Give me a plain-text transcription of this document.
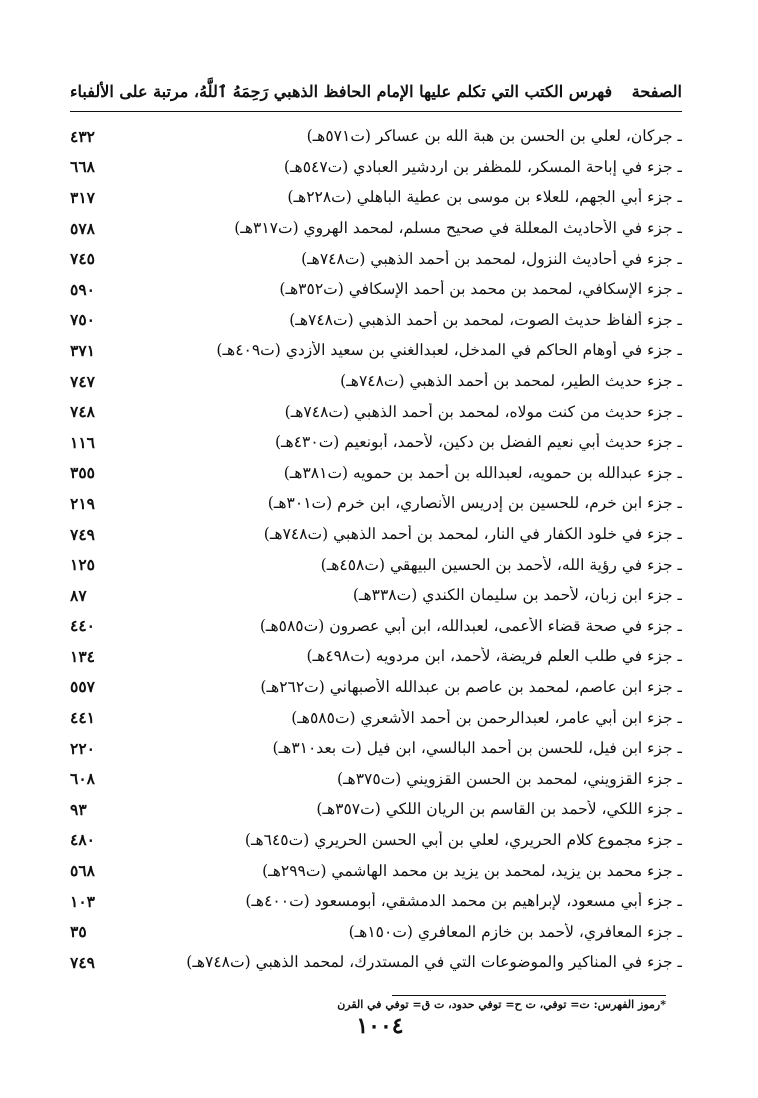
فهرس الكتب التي تكلم عليها الإمام الحافظ الذهبي رَحِمَهُ ٱللَّهُ، مرتبة على الألفباء الصفحة
ـ جركان، لعلي بن الحسن بن هبة الله بن عساكر (ت٥٧١هـ)
٤٣٢
ـ جزء في إباحة المسكر، للمظفر بن اردشير العبادي (ت٥٤٧هـ)
٦٦٨
ـ جزء أبي الجهم، للعلاء بن موسى بن عطية الباهلي (ت٢٢٨هـ)
٣١٧
ـ جزء في الأحاديث المعللة في صحيح مسلم، لمحمد الهروي (ت٣١٧هـ)
٥٧٨
ـ جزء في أحاديث النزول، لمحمد بن أحمد الذهبي (ت٧٤٨هـ)
٧٤٥
ـ جزء الإسكافي، لمحمد بن محمد بن أحمد الإسكافي (ت٣٥٢هـ)
٥٩٠
ـ جزء ألفاظ حديث الصوت، لمحمد بن أحمد الذهبي (ت٧٤٨هـ)
٧٥٠
ـ جزء في أوهام الحاكم في المدخل، لعبدالغني بن سعيد الأزدي (ت٤٠٩هـ)
٣٧١
ـ جزء حديث الطير، لمحمد بن أحمد الذهبي (ت٧٤٨هـ)
٧٤٧
ـ جزء حديث من كنت مولاه، لمحمد بن أحمد الذهبي (ت٧٤٨هـ)
٧٤٨
ـ جزء حديث أبي نعيم الفضل بن دكين، لأحمد، أبونعيم (ت٤٣٠هـ)
١١٦
ـ جزء عبدالله بن حمويه، لعبدالله بن أحمد بن حمويه (ت٣٨١هـ)
٣٥٥
ـ جزء ابن خرم، للحسين بن إدريس الأنصاري، ابن خرم (ت٣٠١هـ)
٢١٩
ـ جزء في خلود الكفار في النار، لمحمد بن أحمد الذهبي (ت٧٤٨هـ)
٧٤٩
ـ جزء في رؤية الله، لأحمد بن الحسين البيهقي (ت٤٥٨هـ)
١٢٥
ـ جزء ابن زبان، لأحمد بن سليمان الكندي (ت٣٣٨هـ)
٨٧
ـ جزء في صحة قضاء الأعمى، لعبدالله، ابن أبي عصرون (ت٥٨٥هـ)
٤٤٠
ـ جزء في طلب العلم فريضة، لأحمد، ابن مردويه (ت٤٩٨هـ)
١٣٤
ـ جزء ابن عاصم، لمحمد بن عاصم بن عبدالله الأصبهاني (ت٢٦٢هـ)
٥٥٧
ـ جزء ابن أبي عامر، لعبدالرحمن بن أحمد الأشعري (ت٥٨٥هـ)
٤٤١
ـ جزء ابن فيل، للحسن بن أحمد البالسي، ابن فيل (ت بعد٣١٠هـ)
٢٢٠
ـ جزء القزويني، لمحمد بن الحسن القزويني (ت٣٧٥هـ)
٦٠٨
ـ جزء اللكي، لأحمد بن القاسم بن الريان اللكي (ت٣٥٧هـ)
٩٣
ـ جزء مجموع كلام الحريري، لعلي بن أبي الحسن الحريري (ت٦٤٥هـ)
٤٨٠
ـ جزء محمد بن يزيد، لمحمد بن يزيد بن محمد الهاشمي (ت٢٩٩هـ)
٥٦٨
ـ جزء أبي مسعود، لإبراهيم بن محمد الدمشقي، أبومسعود (ت٤٠٠هـ)
١٠٣
ـ جزء المعافري، لأحمد بن خازم المعافري (ت١٥٠هـ)
٣٥
ـ جزء في المناكير والموضوعات التي في المستدرك، لمحمد الذهبي (ت٧٤٨هـ)
٧٤٩
*رموز الفهرس: ت= توفي، ت ح= توفي حدود، ت ق= توفي في القرن
١٠٠٤
